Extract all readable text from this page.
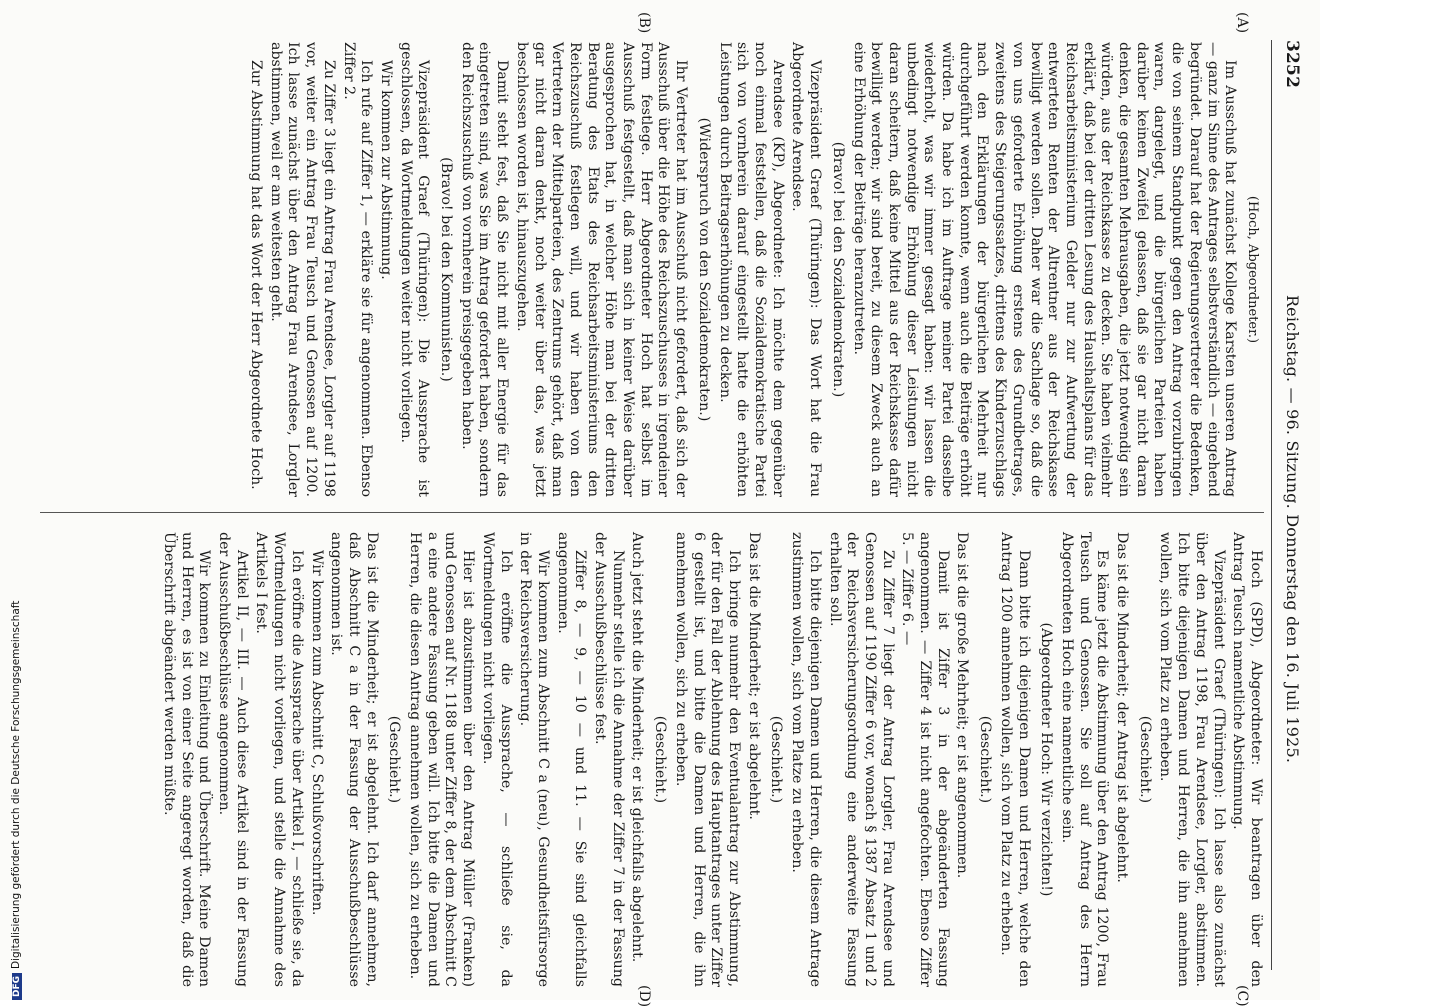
3252
Reichstag. — 96. Sitzung. Donnerstag den 16. Juli 1925.
(A)
(B)
(C)
(D)

(Hoch, Abgeordneter.)

Im Ausschuß hat zunächst Kollege Karsten unseren Antrag — ganz im Sinne des Antrages selbstverständlich — eingehend begründet. Darauf hat der Regierungsvertreter die Bedenken, die von seinem Standpunkt gegen den Antrag vorzubringen waren, dargelegt, und die bürgerlichen Parteien haben darüber keinen Zweifel gelassen, daß sie gar nicht daran denken, die gesamten Mehrausgaben, die jetzt notwendig sein würden, aus der Reichskasse zu decken. Sie haben vielmehr erklärt, daß bei der dritten Lesung des Haushaltsplans für das Reichsarbeitsministerium Gelder nur zur Aufwertung der entwerteten Renten der Altrentner aus der Reichskasse bewilligt werden sollen. Daher war die Sachlage so, daß die von uns geforderte Erhöhung erstens des Grundbetrages, zweitens des Steigerungssatzes, drittens des Kinderzuschlags nach den Erklärungen der bürgerlichen Mehrheit nur durchgeführt werden konnte, wenn auch die Beiträge erhöht würden. Da habe ich im Auftrage meiner Partei dasselbe wiederholt, was wir immer gesagt haben: wir lassen die unbedingt notwendige Erhöhung dieser Leistungen nicht daran scheitern, daß keine Mittel aus der Reichskasse dafür bewilligt werden; wir sind bereit, zu diesem Zweck auch an eine Erhöhung der Beiträge heranzutreten.

(Bravo! bei den Sozialdemokraten.)

Vizepräsident Graef (Thüringen): Das Wort hat die Frau Abgeordnete Arendsee.

Arendsee (KP), Abgeordnete: Ich möchte dem gegenüber noch einmal feststellen, daß die Sozialdemokratische Partei sich von vornherein darauf eingestellt hatte die erhöhten Leistungen durch Beitragserhöhungen zu decken.

(Widerspruch von den Sozialdemokraten.)

Ihr Vertreter hat im Ausschuß nicht gefordert, daß sich der Ausschuß über die Höhe des Reichszuschusses in irgendeiner Form festlege. Herr Abgeordneter Hoch hat selbst im Ausschuß festgestellt, daß man sich in keiner Weise darüber ausgesprochen hat, in welcher Höhe man bei der dritten Beratung des Etats des Reichsarbeitsministeriums den Reichszuschuß festlegen will, und wir haben von den Vertretern der Mittelparteien, des Zentrums gehört, daß man gar nicht daran denkt, noch weiter über das, was jetzt beschlossen worden ist, hinauszugehen.

Damit steht fest, daß Sie nicht mit aller Energie für das eingetreten sind, was Sie im Antrag gefordert haben, sondern den Reichszuschuß von vornherein preisgegeben haben.

(Bravo! bei den Kommunisten.)

Vizepräsident Graef (Thüringen): Die Aussprache ist geschlossen, da Wortmeldungen weiter nicht vorliegen.

Wir kommen zur Abstimmung.

Ich rufe auf Ziffer 1, — erkläre sie für angenommen. Ebenso Ziffer 2.

Zu Ziffer 3 liegt ein Antrag Frau Arendsee, Lorgler auf 1198 vor, weiter ein Antrag Frau Teusch und Genossen auf 1200. Ich lasse zunächst über den Antrag Frau Arendsee, Lorgler abstimmen, weil er am weitesten geht.

Zur Abstimmung hat das Wort der Herr Abgeordnete Hoch.

Hoch (SPD), Abgeordneter: Wir beantragen über den Antrag Teusch namentliche Abstimmung.

Vizepräsident Graef (Thüringen): Ich lasse also zunächst über den Antrag 1198, Frau Arendsee, Lorgler, abstimmen. Ich bitte diejenigen Damen und Herren, die ihn annehmen wollen, sich vom Platz zu erheben.

(Geschieht.)

Das ist die Minderheit; der Antrag ist abgelehnt.

Es käme jetzt die Abstimmung über den Antrag 1200, Frau Teusch und Genossen. Sie soll auf Antrag des Herrn Abgeordneten Hoch eine namentliche sein.

(Abgeordneter Hoch: Wir verzichten!)

Dann bitte ich diejenigen Damen und Herren, welche den Antrag 1200 annehmen wollen, sich vom Platz zu erheben.

(Geschieht.)

Das ist die große Mehrheit; er ist angenommen.

Damit ist Ziffer 3 in der abgeänderten Fassung angenommen. — Ziffer 4 ist nicht angefochten. Ebenso Ziffer 5. — Ziffer 6. —

Zu Ziffer 7 liegt der Antrag Lorgler, Frau Arendsee und Genossen auf 1190 Ziffer 6 vor, wonach § 1387 Absatz 1 und 2 der Reichsversicherungsordnung eine anderweite Fassung erhalten soll.

Ich bitte diejenigen Damen und Herren, die diesem Antrage zustimmen wollen, sich vom Platze zu erheben.

(Geschieht.)

Das ist die Minderheit; er ist abgelehnt.

Ich bringe nunmehr den Eventualantrag zur Abstimmung, der für den Fall der Ablehnung des Hauptantrages unter Ziffer 6 gestellt ist, und bitte die Damen und Herren, die ihn annehmen wollen, sich zu erheben.

(Geschieht.)

Auch jetzt steht die Minderheit; er ist gleichfalls abgelehnt.

Nunmehr stelle ich die Annahme der Ziffer 7 in der Fassung der Ausschußbeschlüsse fest.

Ziffer 8, — 9, — 10 — und 11. — Sie sind gleichfalls angenommen.

Wir kommen zum Abschnitt C a (neu), Gesundheitsfürsorge in der Reichsversicherung.

Ich eröffne die Aussprache, — schließe sie, da Wortmeldungen nicht vorliegen.

Hier ist abzustimmen über den Antrag Müller (Franken) und Genossen auf Nr. 1188 unter Ziffer 8, der dem Abschnitt C a eine andere Fassung geben will. Ich bitte die Damen und Herren, die diesen Antrag annehmen wollen, sich zu erheben.

(Geschieht.)

Das ist die Minderheit; er ist abgelehnt. Ich darf annehmen, daß Abschnitt C a in der Fassung der Ausschußbeschlüsse angenommen ist.

Wir kommen zum Abschnitt C, Schlußvorschriften.

Ich eröffne die Aussprache über Artikel I, — schließe sie, da Wortmeldungen nicht vorliegen, und stelle die Annahme des Artikels I fest.

Artikel II, — III. — Auch diese Artikel sind in der Fassung der Ausschußbeschlüsse angenommen.

Wir kommen zu Einleitung und Überschrift. Meine Damen und Herren, es ist von einer Seite angeregt worden, daß die Überschrift abgeändert werden müßte.

DFGDigitalisierung gefördert durch die Deutsche Forschungsgemeinschaft
